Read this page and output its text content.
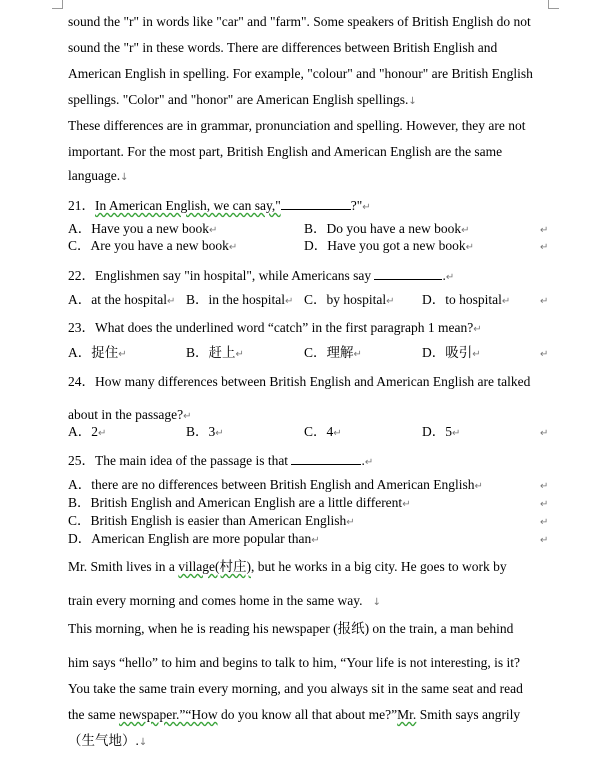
sound the "r" in words like "car" and "farm". Some speakers of British English do not
sound the "r" in these words. There are differences between British English and
American English in spelling. For example, "colour" and "honour" are British English
spellings. "Color" and "honor" are American English spellings.↓
These differences are in grammar, pronunciation and spelling. However, they are not
important. For the most part, British English and American English are the same
language.↓
21．In American English, we can say,"	?"↵
A．Have you a new book↵	B．Do you have a new book↵	↵
C．Are you have a new book↵	D．Have you got a new book↵	↵
22．Englishmen say "in hospital", while Americans say	.↵
A．at the hospital↵ B．in the hospital↵ C．by hospital↵ D．to hospital↵	↵
23．What does the underlined word “catch” in the first paragraph 1 mean?↵
A．捉住↵	B．赶上↵	C．理解↵	D．吸引↵	↵
24．How many differences between British English and American English are talked
about in the passage?↵
A．2↵	B．3↵	C．4↵	D．5↵	↵
25．The main idea of the passage is that	.↵
A．there are no differences between British English and American English↵	↵
B．British English and American English are a little different↵	↵
C．British English is easier than American English↵	↵
D．American English are more popular than↵	↵
Mr. Smith lives in a village(村庄), but he works in a big city. He goes to work by
train every morning and comes home in the same way. ↓
This morning, when he is reading his newspaper (报纸) on the train, a man behind
him says “hello” to him and begins to talk to him, “Your life is not interesting, is it?
You take the same train every morning, and you always sit in the same seat and read
the same newspaper.”“How do you know all that about me?”Mr. Smith says angrily
（生气地）.↓
